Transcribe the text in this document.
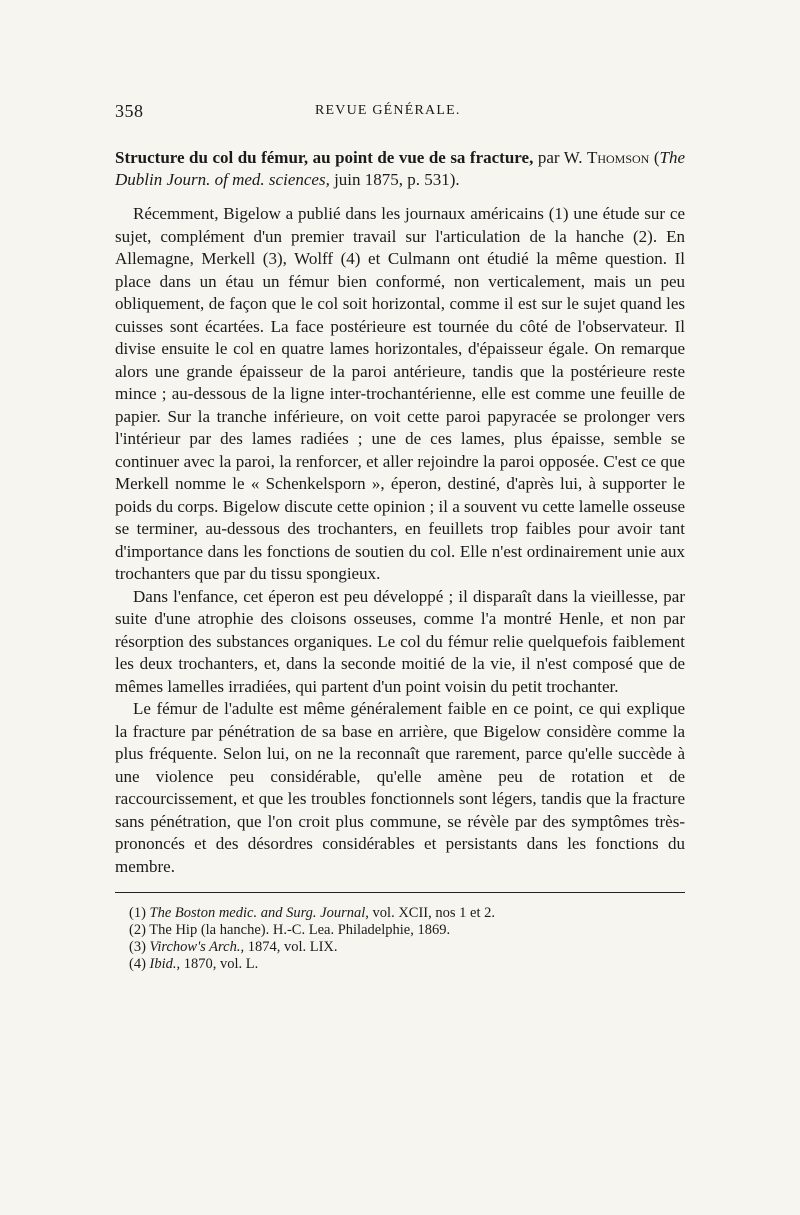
358	REVUE GÉNÉRALE.
Structure du col du fémur, au point de vue de sa fracture, par W. Thomson (The Dublin Journ. of med. sciences, juin 1875, p. 531).

Récemment, Bigelow a publié dans les journaux américains (1) une étude sur ce sujet, complément d'un premier travail sur l'articulation de la hanche (2). En Allemagne, Merkell (3), Wolff (4) et Culmann ont étudié la même question. Il place dans un étau un fémur bien conformé, non verticalement, mais un peu obliquement, de façon que le col soit horizontal, comme il est sur le sujet quand les cuisses sont écartées. La face postérieure est tournée du côté de l'observateur. Il divise ensuite le col en quatre lames horizontales, d'épaisseur égale. On remarque alors une grande épaisseur de la paroi antérieure, tandis que la postérieure reste mince ; au-dessous de la ligne inter-trochantérienne, elle est comme une feuille de papier. Sur la tranche inférieure, on voit cette paroi papyracée se prolonger vers l'intérieur par des lames radiées ; une de ces lames, plus épaisse, semble se continuer avec la paroi, la renforcer, et aller rejoindre la paroi opposée. C'est ce que Merkell nomme le « Schenkelsporn », éperon, destiné, d'après lui, à supporter le poids du corps. Bigelow discute cette opinion ; il a souvent vu cette lamelle osseuse se terminer, au-dessous des trochanters, en feuillets trop faibles pour avoir tant d'importance dans les fonctions de soutien du col. Elle n'est ordinairement unie aux trochanters que par du tissu spongieux.

Dans l'enfance, cet éperon est peu développé ; il disparaît dans la vieillesse, par suite d'une atrophie des cloisons osseuses, comme l'a montré Henle, et non par résorption des substances organiques. Le col du fémur relie quelquefois faiblement les deux trochanters, et, dans la seconde moitié de la vie, il n'est composé que de mêmes lamelles irradiées, qui partent d'un point voisin du petit trochanter.

Le fémur de l'adulte est même généralement faible en ce point, ce qui explique la fracture par pénétration de sa base en arrière, que Bigelow considère comme la plus fréquente. Selon lui, on ne la reconnaît que rarement, parce qu'elle succède à une violence peu considérable, qu'elle amène peu de rotation et de raccourcissement, et que les troubles fonctionnels sont légers, tandis que la fracture sans pénétration, que l'on croit plus commune, se révèle par des symptômes très-prononcés et des désordres considérables et persistants dans les fonctions du membre.

(1) The Boston medic. and Surg. Journal, vol. XCII, nos 1 et 2.
(2) The Hip (la hanche). H.-C. Lea. Philadelphie, 1869.
(3) Virchow's Arch., 1874, vol. LIX.
(4) Ibid., 1870, vol. L.
